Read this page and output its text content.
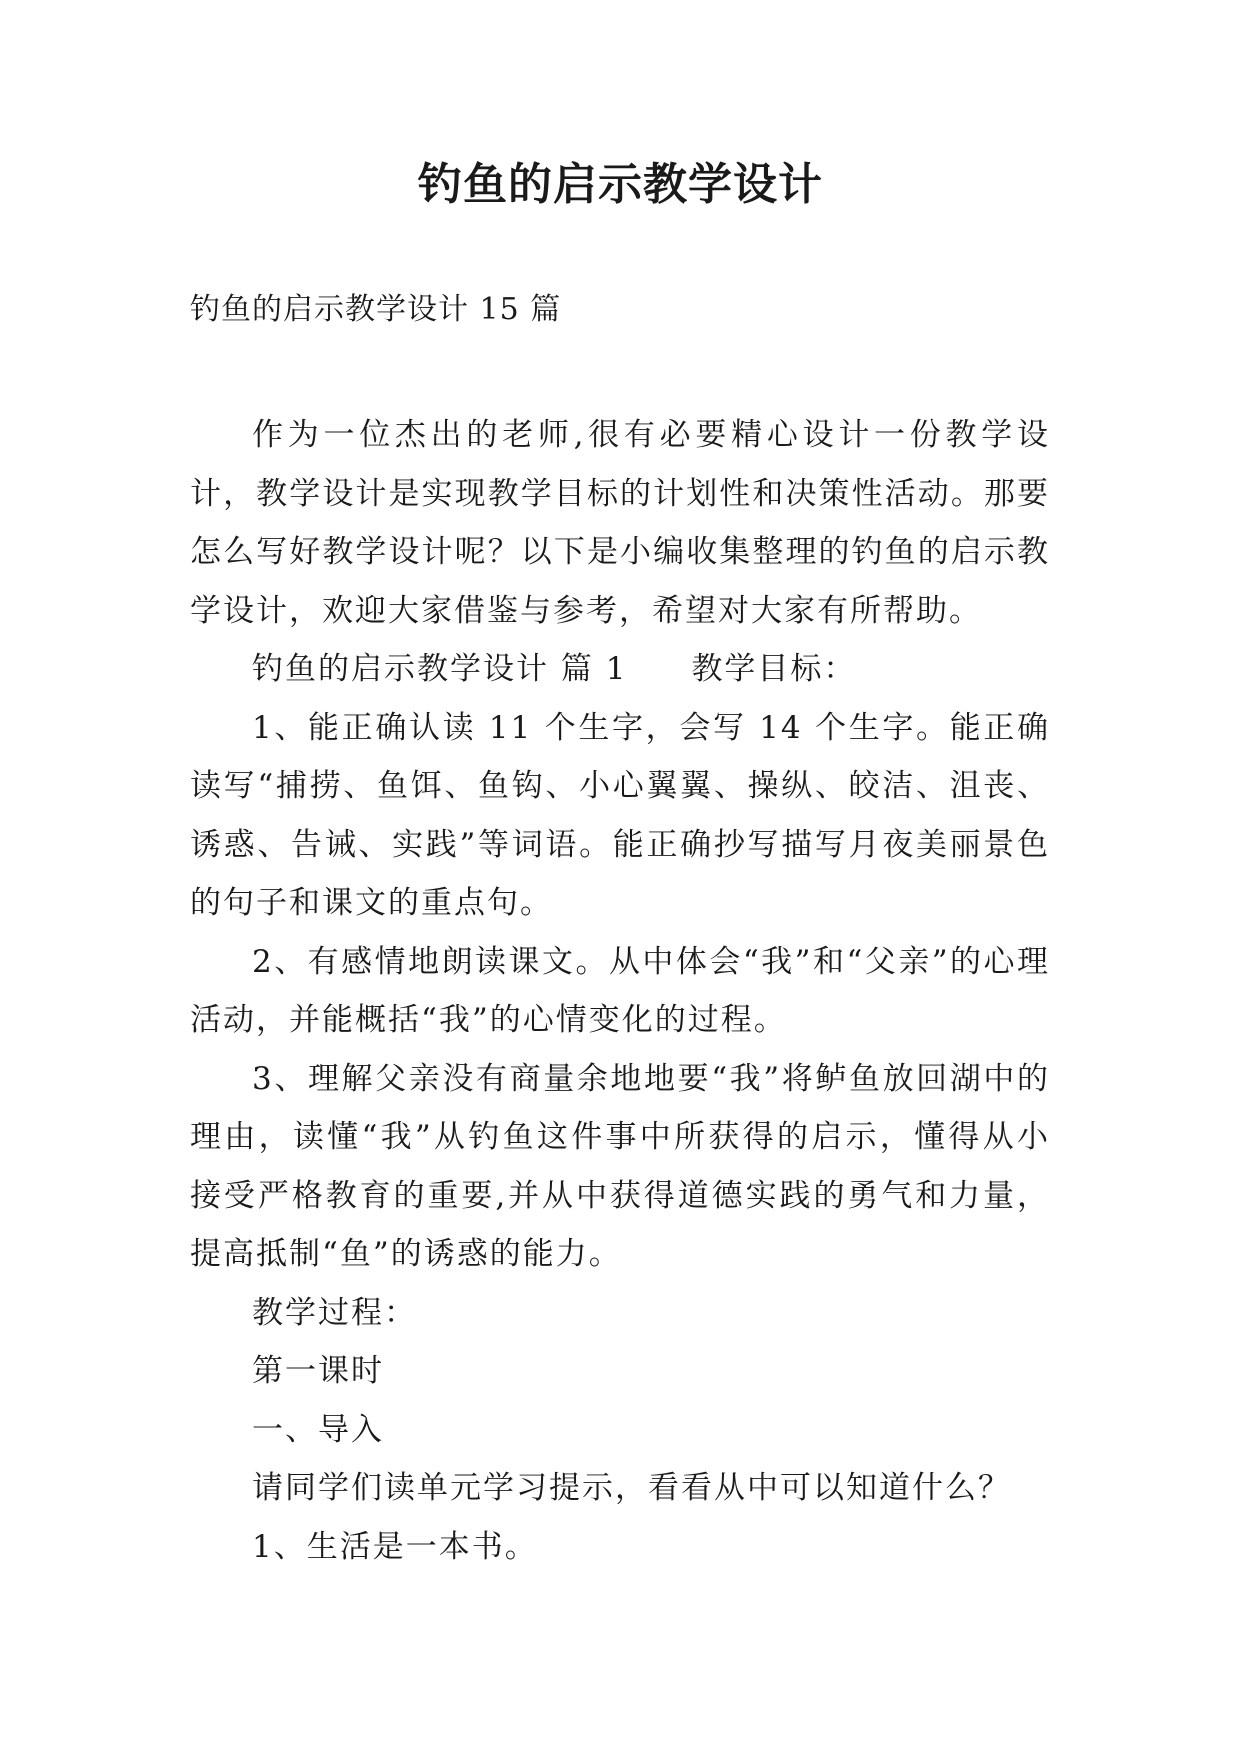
钓鱼的启示教学设计

钓鱼的启示教学设计 15 篇

作为一位杰出的老师,很有必要精心设计一份教学设计，教学设计是实现教学目标的计划性和决策性活动。那要怎么写好教学设计呢？以下是小编收集整理的钓鱼的启示教学设计，欢迎大家借鉴与参考，希望对大家有所帮助。

钓鱼的启示教学设计 篇 1 教学目标：

1、能正确认读 11 个生字，会写 14 个生字。能正确读写“捕捞、鱼饵、鱼钩、小心翼翼、操纵、皎洁、沮丧、诱惑、告诫、实践”等词语。能正确抄写描写月夜美丽景色的句子和课文的重点句。

2、有感情地朗读课文。从中体会“我”和“父亲”的心理活动，并能概括“我”的心情变化的过程。

3、理解父亲没有商量余地地要“我”将鲈鱼放回湖中的理由，读懂“我”从钓鱼这件事中所获得的启示，懂得从小接受严格教育的重要,并从中获得道德实践的勇气和力量，提高抵制“鱼”的诱惑的能力。

教学过程：

第一课时

一、导入

请同学们读单元学习提示，看看从中可以知道什么？

1、生活是一本书。
